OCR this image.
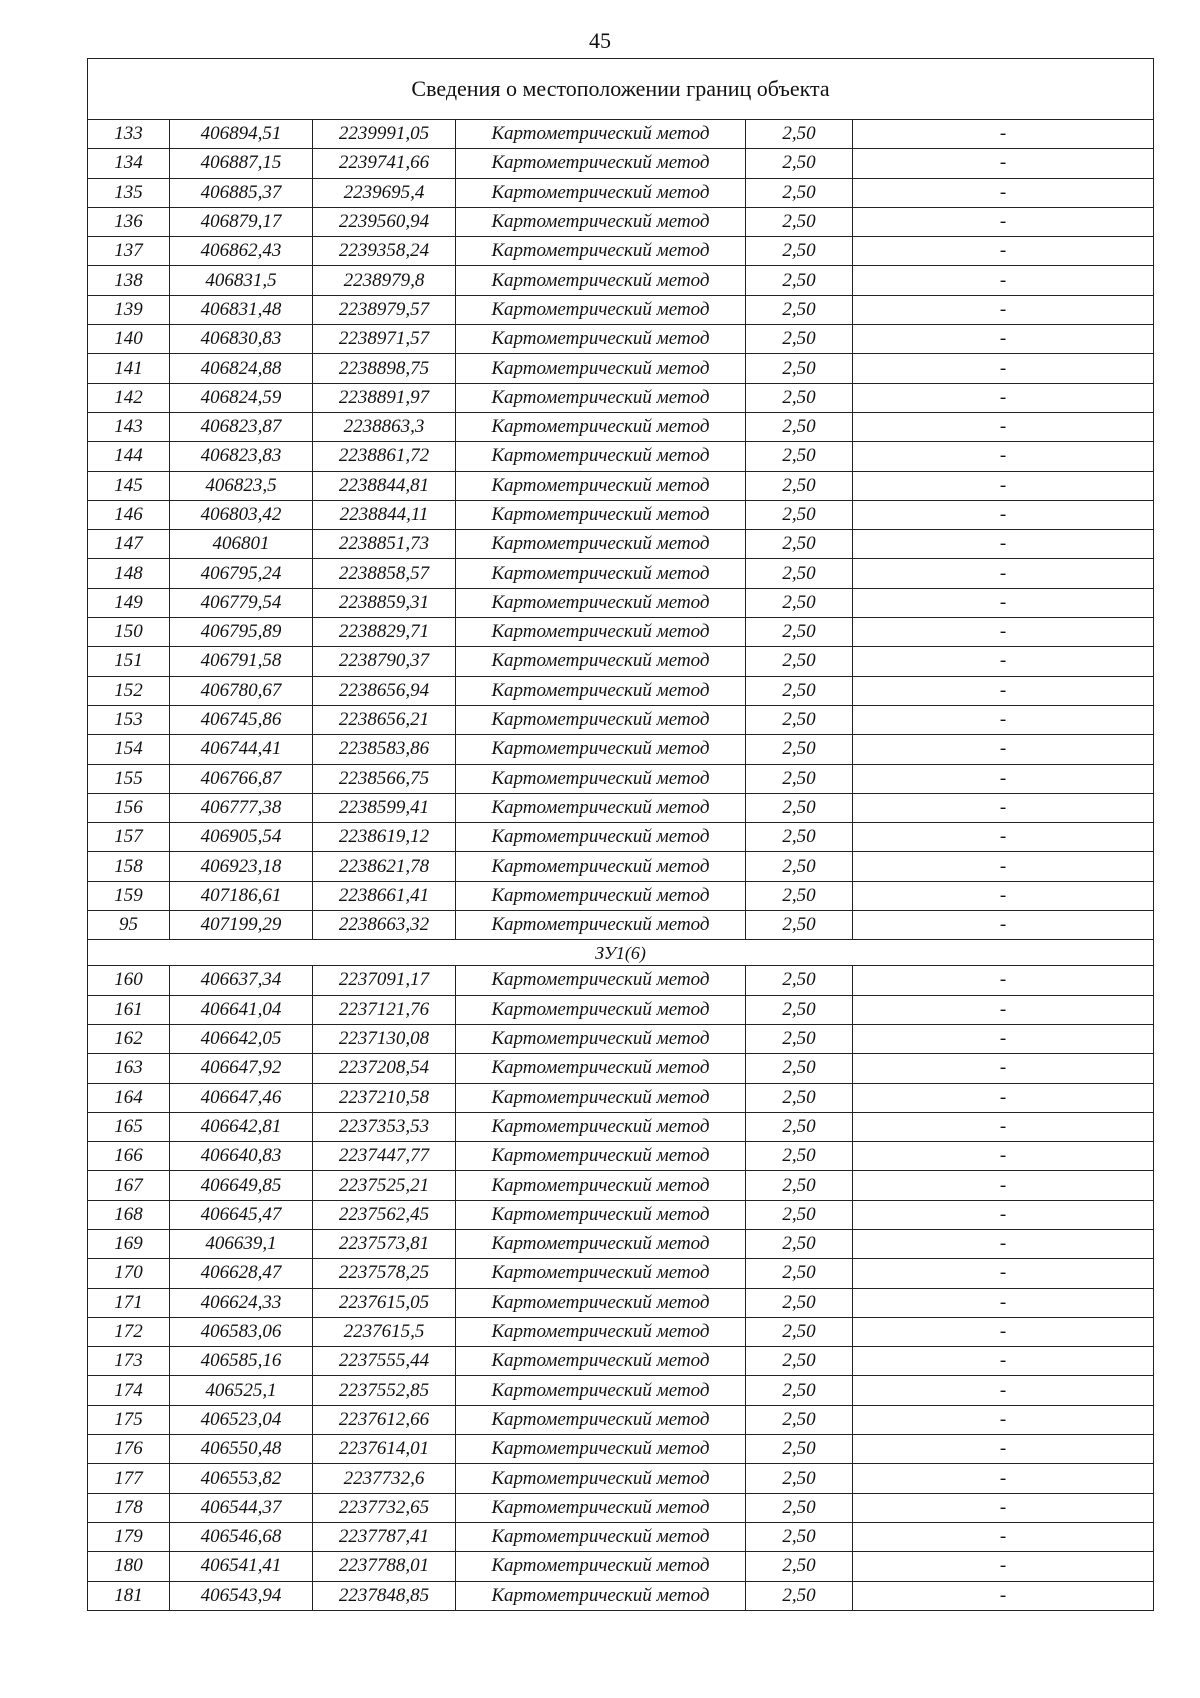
45
Сведения о местоположении границ объекта					
133	406894,51	2239991,05	Картометрический метод	2,50	-
134	406887,15	2239741,66	Картометрический метод	2,50	-
135	406885,37	2239695,4	Картометрический метод	2,50	-
136	406879,17	2239560,94	Картометрический метод	2,50	-
137	406862,43	2239358,24	Картометрический метод	2,50	-
138	406831,5	2238979,8	Картометрический метод	2,50	-
139	406831,48	2238979,57	Картометрический метод	2,50	-
140	406830,83	2238971,57	Картометрический метод	2,50	-
141	406824,88	2238898,75	Картометрический метод	2,50	-
142	406824,59	2238891,97	Картометрический метод	2,50	-
143	406823,87	2238863,3	Картометрический метод	2,50	-
144	406823,83	2238861,72	Картометрический метод	2,50	-
145	406823,5	2238844,81	Картометрический метод	2,50	-
146	406803,42	2238844,11	Картометрический метод	2,50	-
147	406801	2238851,73	Картометрический метод	2,50	-
148	406795,24	2238858,57	Картометрический метод	2,50	-
149	406779,54	2238859,31	Картометрический метод	2,50	-
150	406795,89	2238829,71	Картометрический метод	2,50	-
151	406791,58	2238790,37	Картометрический метод	2,50	-
152	406780,67	2238656,94	Картометрический метод	2,50	-
153	406745,86	2238656,21	Картометрический метод	2,50	-
154	406744,41	2238583,86	Картометрический метод	2,50	-
155	406766,87	2238566,75	Картометрический метод	2,50	-
156	406777,38	2238599,41	Картометрический метод	2,50	-
157	406905,54	2238619,12	Картометрический метод	2,50	-
158	406923,18	2238621,78	Картометрический метод	2,50	-
159	407186,61	2238661,41	Картометрический метод	2,50	-
95	407199,29	2238663,32	Картометрический метод	2,50	-
ЗУ1(6)					
160	406637,34	2237091,17	Картометрический метод	2,50	-
161	406641,04	2237121,76	Картометрический метод	2,50	-
162	406642,05	2237130,08	Картометрический метод	2,50	-
163	406647,92	2237208,54	Картометрический метод	2,50	-
164	406647,46	2237210,58	Картометрический метод	2,50	-
165	406642,81	2237353,53	Картометрический метод	2,50	-
166	406640,83	2237447,77	Картометрический метод	2,50	-
167	406649,85	2237525,21	Картометрический метод	2,50	-
168	406645,47	2237562,45	Картометрический метод	2,50	-
169	406639,1	2237573,81	Картометрический метод	2,50	-
170	406628,47	2237578,25	Картометрический метод	2,50	-
171	406624,33	2237615,05	Картометрический метод	2,50	-
172	406583,06	2237615,5	Картометрический метод	2,50	-
173	406585,16	2237555,44	Картометрический метод	2,50	-
174	406525,1	2237552,85	Картометрический метод	2,50	-
175	406523,04	2237612,66	Картометрический метод	2,50	-
176	406550,48	2237614,01	Картометрический метод	2,50	-
177	406553,82	2237732,6	Картометрический метод	2,50	-
178	406544,37	2237732,65	Картометрический метод	2,50	-
179	406546,68	2237787,41	Картометрический метод	2,50	-
180	406541,41	2237788,01	Картометрический метод	2,50	-
181	406543,94	2237848,85	Картометрический метод	2,50	-
